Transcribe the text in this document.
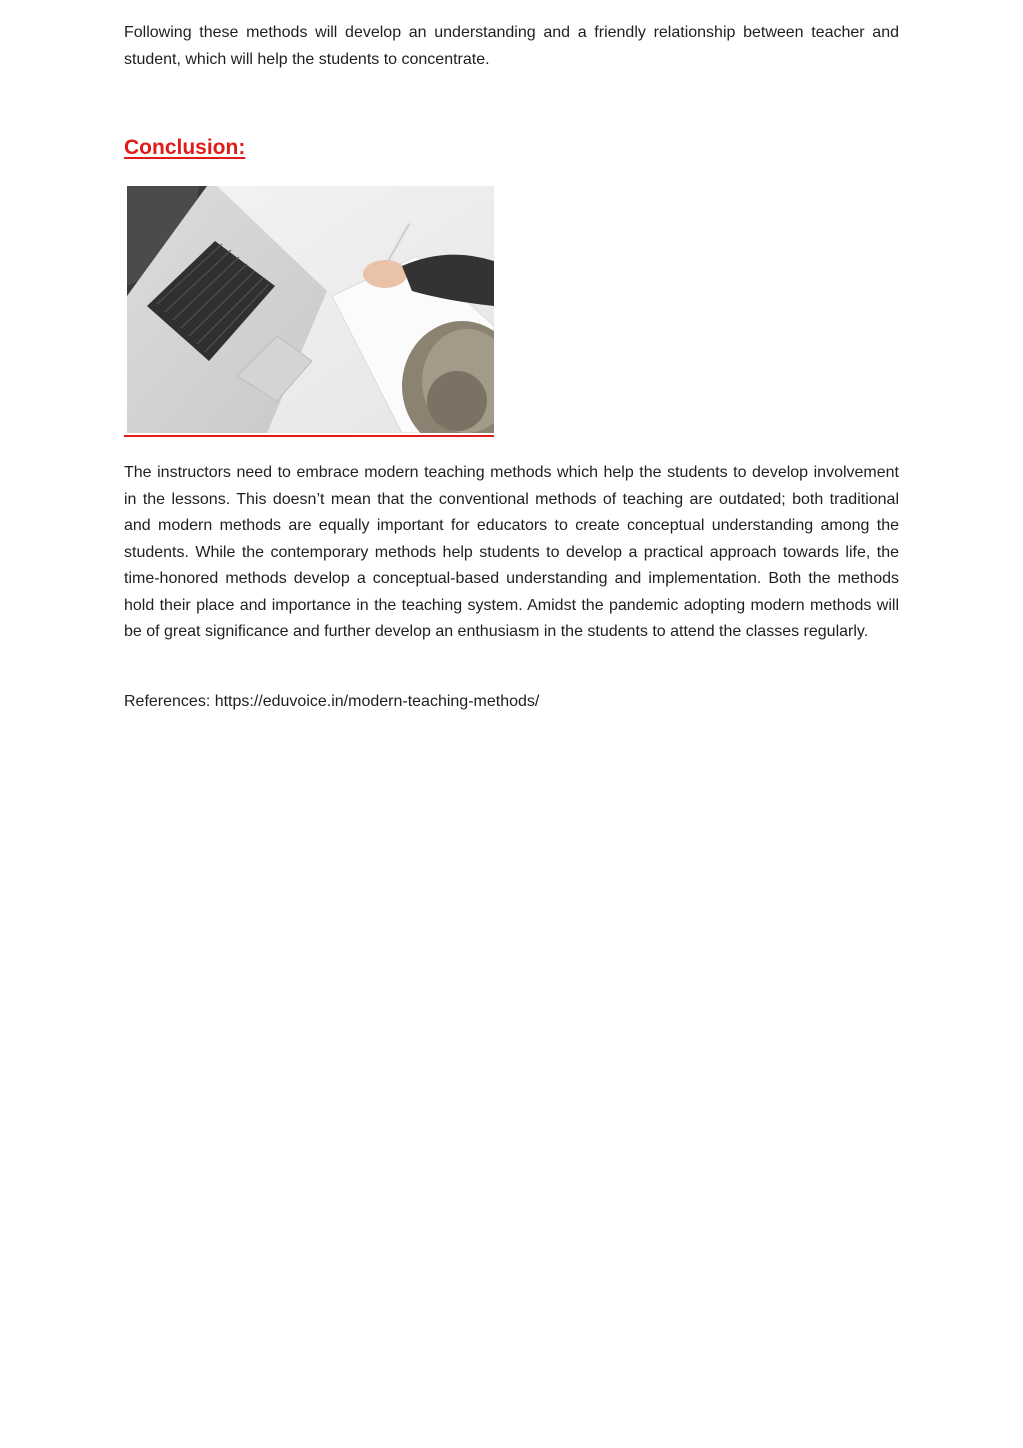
Following these methods will develop an understanding and a friendly relationship between teacher and student, which will help the students to concentrate.

Conclusion:

The instructors need to embrace modern teaching methods which help the students to develop involvement in the lessons. This doesn’t mean that the conventional methods of teaching are outdated; both traditional and modern methods are equally important for educators to create conceptual understanding among the students. While the contemporary methods help students to develop a practical approach towards life, the time-honored methods develop a conceptual-based understanding and implementation. Both the methods hold their place and importance in the teaching system. Amidst the pandemic adopting modern methods will be of great significance and further develop an enthusiasm in the students to attend the classes regularly.

References: https://eduvoice.in/modern-teaching-methods/
